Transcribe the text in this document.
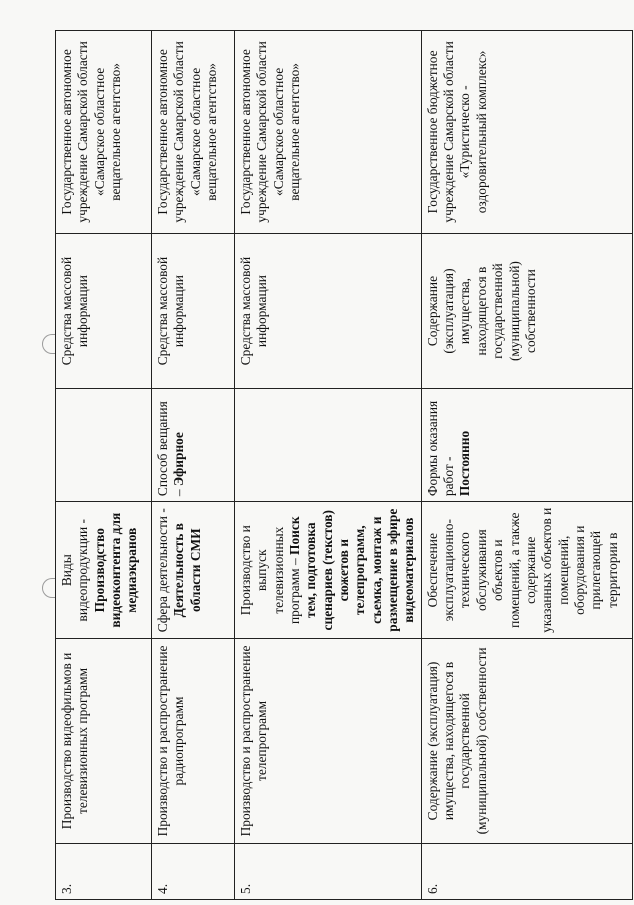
3.	Производство видеофильмов и телевизионных программ	Виды видеопродукции - Производство видеоконтента для медиаэкранов		Средства массовой информации	Государственное автономное учреждение Самарской области «Самарское областное вещательное агентство»
4.	Производство и распространение радиопрограмм	Сфера деятельности - Деятельность в области СМИ	Способ вещания – Эфирное	Средства массовой информации	Государственное автономное учреждение Самарской области «Самарское областное вещательное агентство»
5.	Производство и распространение телепрограмм	Производство и выпуск телевизионных программ – Поиск тем, подготовка сценариев (текстов) сюжетов и телепрограмм, съемка, монтаж и размещение в эфире видеоматериалов		Средства массовой информации	Государственное автономное учреждение Самарской области «Самарское областное вещательное агентство»
6.	Содержание (эксплуатация) имущества, находящегося в государственной (муниципальной) собственности	Обеспечение эксплуатационно-технического обслуживания объектов и помещений, а также содержание указанных объектов и помещений, оборудования и прилегающей территории в	Формы оказания работ - Постоянно	Содержание (эксплуатация) имущества, находящегося в государственной (муниципальной) собственности	Государственное бюджетное учреждение Самарской области «Туристическо - оздоровительный комплекс»
